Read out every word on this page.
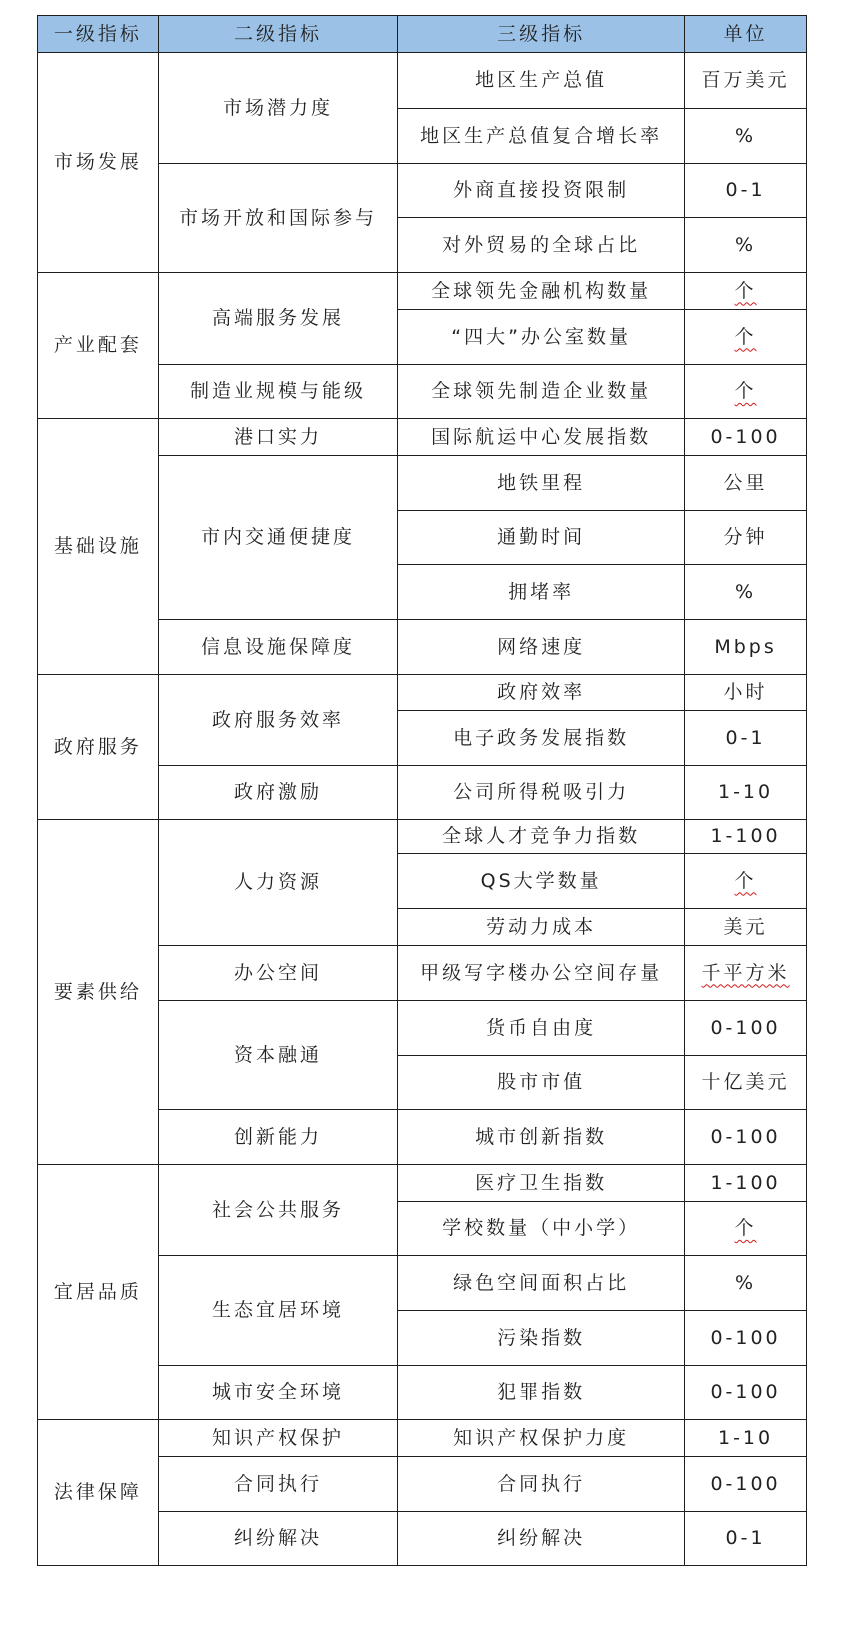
一级指标	二级指标	三级指标	单位
市场发展	市场潜力度	地区生产总值	百万美元
		地区生产总值复合增长率	%
	市场开放和国际参与	外商直接投资限制	0-1
		对外贸易的全球占比	%
产业配套	高端服务发展	全球领先金融机构数量	个
		“四大”办公室数量	个
	制造业规模与能级	全球领先制造企业数量	个
基础设施	港口实力	国际航运中心发展指数	0-100
	市内交通便捷度	地铁里程	公里
		通勤时间	分钟
		拥堵率	%
	信息设施保障度	网络速度	Mbps
政府服务	政府服务效率	政府效率	小时
		电子政务发展指数	0-1
	政府激励	公司所得税吸引力	1-10
要素供给	人力资源	全球人才竞争力指数	1-100
		QS大学数量	个
		劳动力成本	美元
	办公空间	甲级写字楼办公空间存量	千平方米
	资本融通	货币自由度	0-100
		股市市值	十亿美元
	创新能力	城市创新指数	0-100
宜居品质	社会公共服务	医疗卫生指数	1-100
		学校数量（中小学）	个
	生态宜居环境	绿色空间面积占比	%
		污染指数	0-100
	城市安全环境	犯罪指数	0-100
法律保障	知识产权保护	知识产权保护力度	1-10
	合同执行	合同执行	0-100
	纠纷解决	纠纷解决	0-1
